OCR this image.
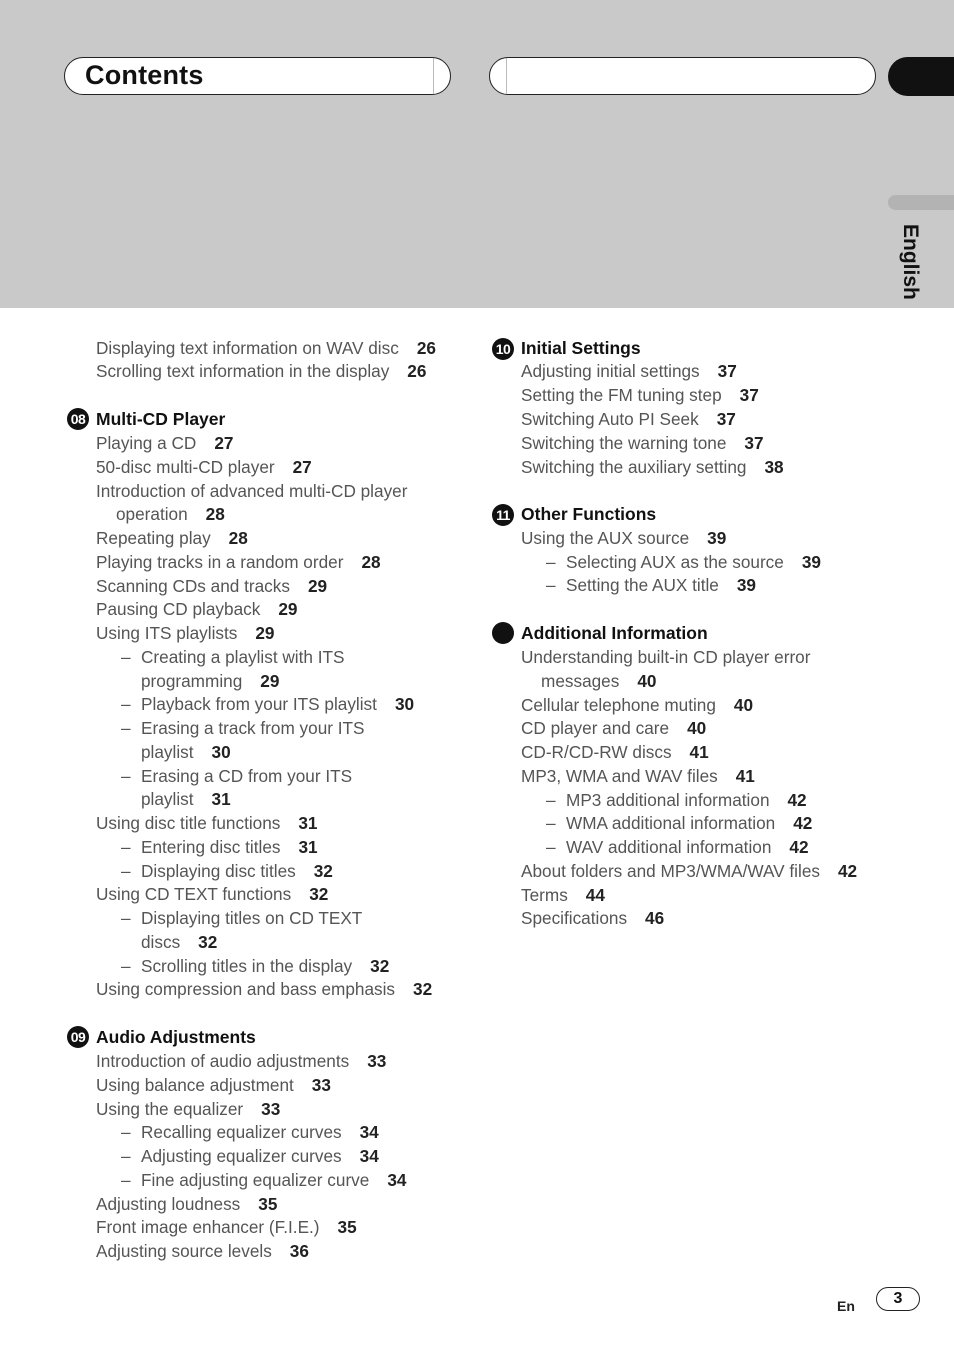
Contents
English
Displaying text information on WAV disc 26
Scrolling text information in the display 26
08 Multi-CD Player
Playing a CD 27
50-disc multi-CD player 27
Introduction of advanced multi-CD player
operation 28
Repeating play 28
Playing tracks in a random order 28
Scanning CDs and tracks 29
Pausing CD playback 29
Using ITS playlists 29
– Creating a playlist with ITS
programming 29
– Playback from your ITS playlist 30
– Erasing a track from your ITS
playlist 30
– Erasing a CD from your ITS
playlist 31
Using disc title functions 31
– Entering disc titles 31
– Displaying disc titles 32
Using CD TEXT functions 32
– Displaying titles on CD TEXT
discs 32
– Scrolling titles in the display 32
Using compression and bass emphasis 32
09 Audio Adjustments
Introduction of audio adjustments 33
Using balance adjustment 33
Using the equalizer 33
– Recalling equalizer curves 34
– Adjusting equalizer curves 34
– Fine adjusting equalizer curve 34
Adjusting loudness 35
Front image enhancer (F.I.E.) 35
Adjusting source levels 36
10 Initial Settings
Adjusting initial settings 37
Setting the FM tuning step 37
Switching Auto PI Seek 37
Switching the warning tone 37
Switching the auxiliary setting 38
11 Other Functions
Using the AUX source 39
– Selecting AUX as the source 39
– Setting the AUX title 39
Additional Information
Understanding built-in CD player error
messages 40
Cellular telephone muting 40
CD player and care 40
CD-R/CD-RW discs 41
MP3, WMA and WAV files 41
– MP3 additional information 42
– WMA additional information 42
– WAV additional information 42
About folders and MP3/WMA/WAV files 42
Terms 44
Specifications 46
En	3
